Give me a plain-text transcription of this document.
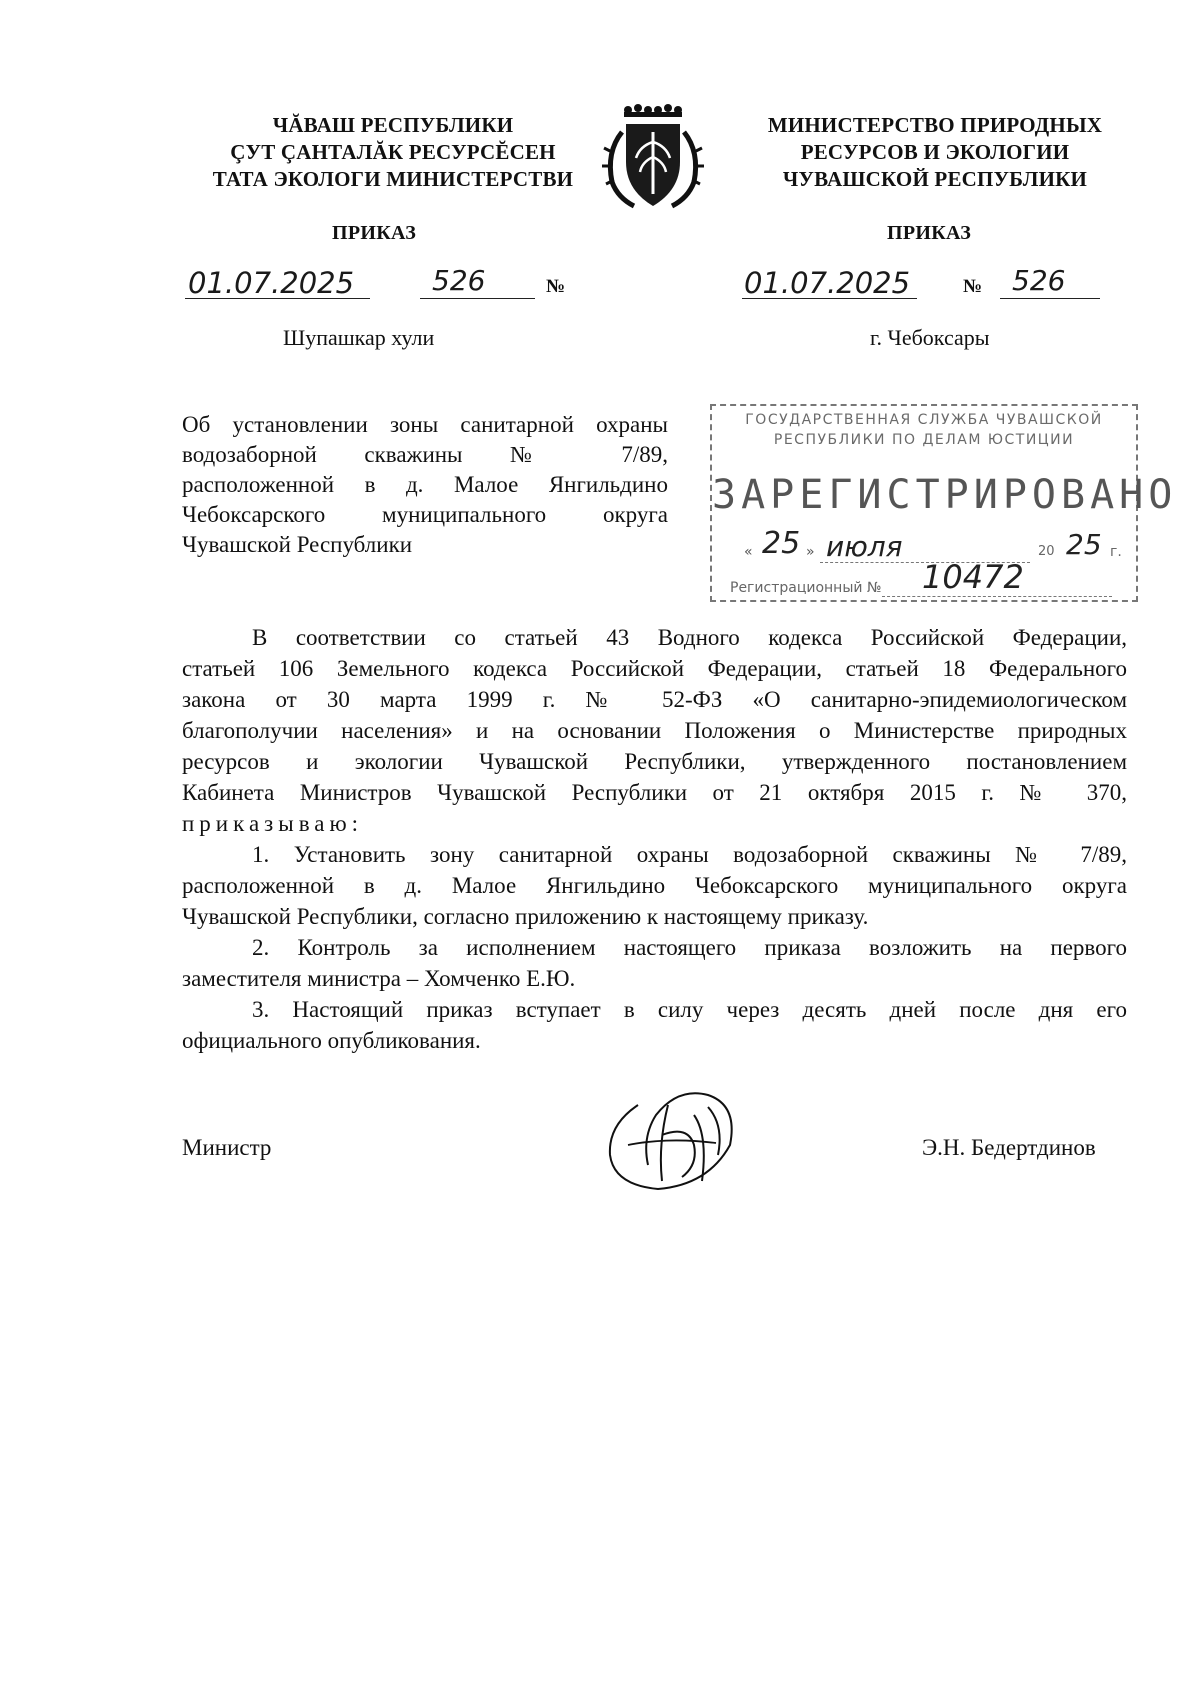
ЧĂВАШ РЕСПУБЛИКИ
ÇУТ ÇАНТАЛĂК РЕСУРСĔСЕН
ТАТА ЭКОЛОГИ МИНИСТЕРСТВИ
МИНИСТЕРСТВО ПРИРОДНЫХ
РЕСУРСОВ И ЭКОЛОГИИ
ЧУВАШСКОЙ РЕСПУБЛИКИ
ПРИКАЗ	ПРИКАЗ
01.07.2025	526	№	01.07.2025	№ 526
Шупашкар хули	г. Чебоксары
Об установлении зоны санитарной охраны
водозаборной скважины № 7/89,
расположенной в д. Малое Янгильдино
Чебоксарского муниципального округа
Чувашской Республики
ГОСУДАРСТВЕННАЯ СЛУЖБА ЧУВАШСКОЙ
РЕСПУБЛИКИ ПО ДЕЛАМ ЮСТИЦИИ
ЗАРЕГИСТРИРОВАНО
« 25 » июля	20 25 г.
Регистрационный № 10472
В соответствии со статьей 43 Водного кодекса Российской Федерации,
статьей 106 Земельного кодекса Российской Федерации, статьей 18 Федерального
закона от 30 марта 1999 г. № 52-ФЗ «О санитарно-эпидемиологическом
благополучии населения» и на основании Положения о Министерстве природных
ресурсов и экологии Чувашской Республики, утвержденного постановлением
Кабинета Министров Чувашской Республики от 21 октября 2015 г. № 370,
приказываю:
1. Установить зону санитарной охраны водозаборной скважины № 7/89,
расположенной в д. Малое Янгильдино Чебоксарского муниципального округа
Чувашской Республики, согласно приложению к настоящему приказу.
2. Контроль за исполнением настоящего приказа возложить на первого
заместителя министра – Хомченко Е.Ю.
3. Настоящий приказ вступает в силу через десять дней после дня его
официального опубликования.
Министр	Э.Н. Бедертдинов
